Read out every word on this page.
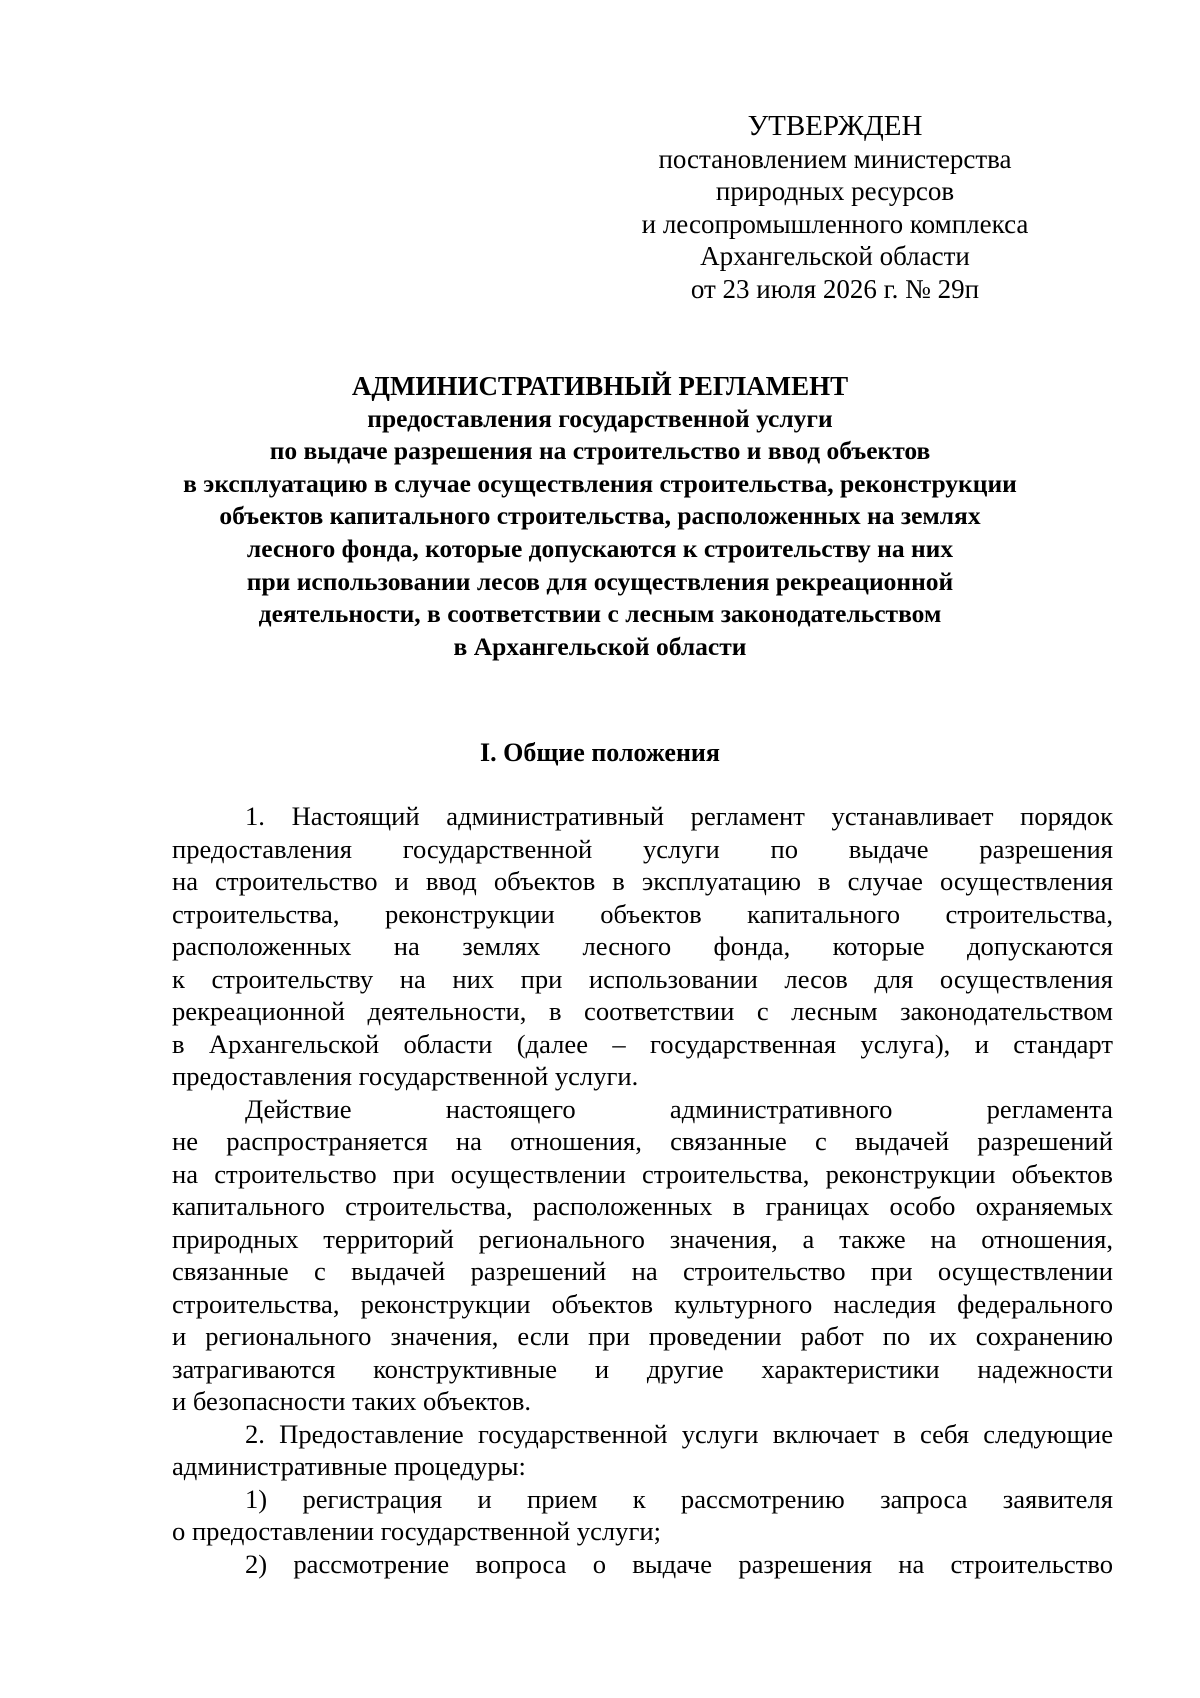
УТВЕРЖДЕН
постановлением министерства
природных ресурсов
и лесопромышленного комплекса
Архангельской области
от 23 июля 2026 г. № 29п
АДМИНИСТРАТИВНЫЙ РЕГЛАМЕНТ
предоставления государственной услуги
по выдаче разрешения на строительство и ввод объектов
в эксплуатацию в случае осуществления строительства, реконструкции
объектов капитального строительства, расположенных на землях
лесного фонда, которые допускаются к строительству на них
при использовании лесов для осуществления рекреационной
деятельности, в соответствии с лесным законодательством
в Архангельской области
I. Общие положения
1. Настоящий административный регламент устанавливает порядок
предоставления государственной услуги по выдаче разрешения
на строительство и ввод объектов в эксплуатацию в случае осуществления
строительства, реконструкции объектов капитального строительства,
расположенных на землях лесного фонда, которые допускаются
к строительству на них при использовании лесов для осуществления
рекреационной деятельности, в соответствии с лесным законодательством
в Архангельской области (далее – государственная услуга), и стандарт
предоставления государственной услуги.
Действие настоящего административного регламента
не распространяется на отношения, связанные с выдачей разрешений
на строительство при осуществлении строительства, реконструкции объектов
капитального строительства, расположенных в границах особо охраняемых
природных территорий регионального значения, а также на отношения,
связанные с выдачей разрешений на строительство при осуществлении
строительства, реконструкции объектов культурного наследия федерального
и регионального значения, если при проведении работ по их сохранению
затрагиваются конструктивные и другие характеристики надежности
и безопасности таких объектов.
2. Предоставление государственной услуги включает в себя следующие
административные процедуры:
1) регистрация и прием к рассмотрению запроса заявителя
о предоставлении государственной услуги;
2) рассмотрение вопроса о выдаче разрешения на строительство
